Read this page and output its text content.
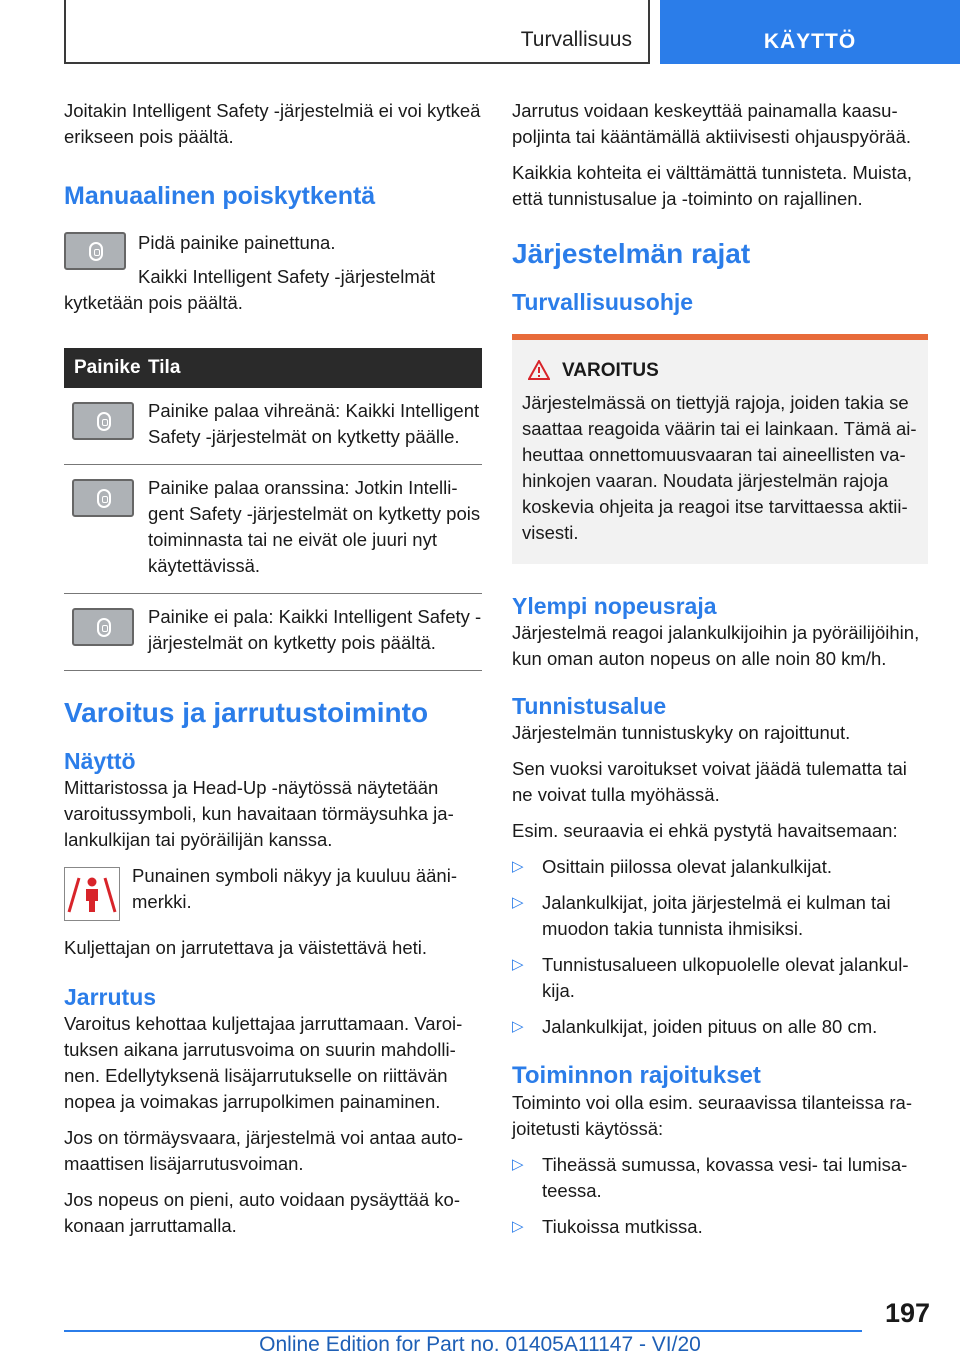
Turvallisuus	KÄYTTÖ

Joitakin Intelligent Safety -järjestelmiä ei voi kytkeä erikseen pois päältä.

Manuaalinen poiskytkentä

Pidä painike painettuna.

Kaikki Intelligent Safety -järjestelmät kytketään pois päältä.

Painike	Tila

	Painike palaa vihreänä: Kaikki Intelligent Safety -järjestelmät on kytketty päälle.

	Painike palaa oranssina: Jotkin Intelligent Safety -järjestelmät on kytketty pois toiminnasta tai ne eivät ole juuri nyt käytettävissä.

	Painike ei pala: Kaikki Intelligent Safety -järjestelmät on kytketty pois päältä.
Varoitus ja jarrutustoiminto
Näyttö

Mittaristossa ja Head-Up -näytössä näytetään varoitussymboli, kun havaitaan törmäysuhka jalankulkijan tai pyöräilijän kanssa.

Punainen symboli näkyy ja kuuluu äänimerkki.

Kuljettajan on jarrutettava ja väistettävä heti.

Jarrutus

Varoitus kehottaa kuljettajaa jarruttamaan. Varoituksen aikana jarrutusvoima on suurin mahdollinen. Edellytyksenä lisäjarrutukselle on riittävän nopea ja voimakas jarrupolkimen painaminen.

Jos on törmäysvaara, järjestelmä voi antaa automaattisen lisäjarrutusvoiman.

Jos nopeus on pieni, auto voidaan pysäyttää kokonaan jarruttamalla.

Jarrutus voidaan keskeyttää painamalla kaasupoljinta tai kääntämällä aktiivisesti ohjauspyörää.

Kaikkia kohteita ei välttämättä tunnisteta. Muista, että tunnistusalue ja -toiminto on rajallinen.

Järjestelmän rajat
Turvallisuusohje
VAROITUS

Järjestelmässä on tiettyjä rajoja, joiden takia se saattaa reagoida väärin tai ei lainkaan. Tämä aiheuttaa onnettomuusvaaran tai aineellisten vahinkojen vaaran. Noudata järjestelmän rajoja koskevia ohjeita ja reagoi itse tarvittaessa aktiivisesti.

Ylempi nopeusraja

Järjestelmä reagoi jalankulkijoihin ja pyöräilijöihin, kun oman auton nopeus on alle noin 80 km/h.

Tunnistusalue

Järjestelmän tunnistuskyky on rajoittunut.

Sen vuoksi varoitukset voivat jäädä tulematta tai ne voivat tulla myöhässä.

Esim. seuraavia ei ehkä pystytä havaitsemaan:

▷ Osittain piilossa olevat jalankulkijat.
▷ Jalankulkijat, joita järjestelmä ei kulman tai muodon takia tunnista ihmisiksi.
▷ Tunnistusalueen ulkopuolelle olevat jalankulkija.
▷ Jalankulkijat, joiden pituus on alle 80 cm.
Toiminnon rajoitukset

Toiminto voi olla esim. seuraavissa tilanteissa rajoitetusti käytössä:

▷ Tiheässä sumussa, kovassa vesi- tai lumisateessa.
▷ Tiukoissa mutkissa.
197
Online Edition for Part no. 01405A11147 - VI/20
